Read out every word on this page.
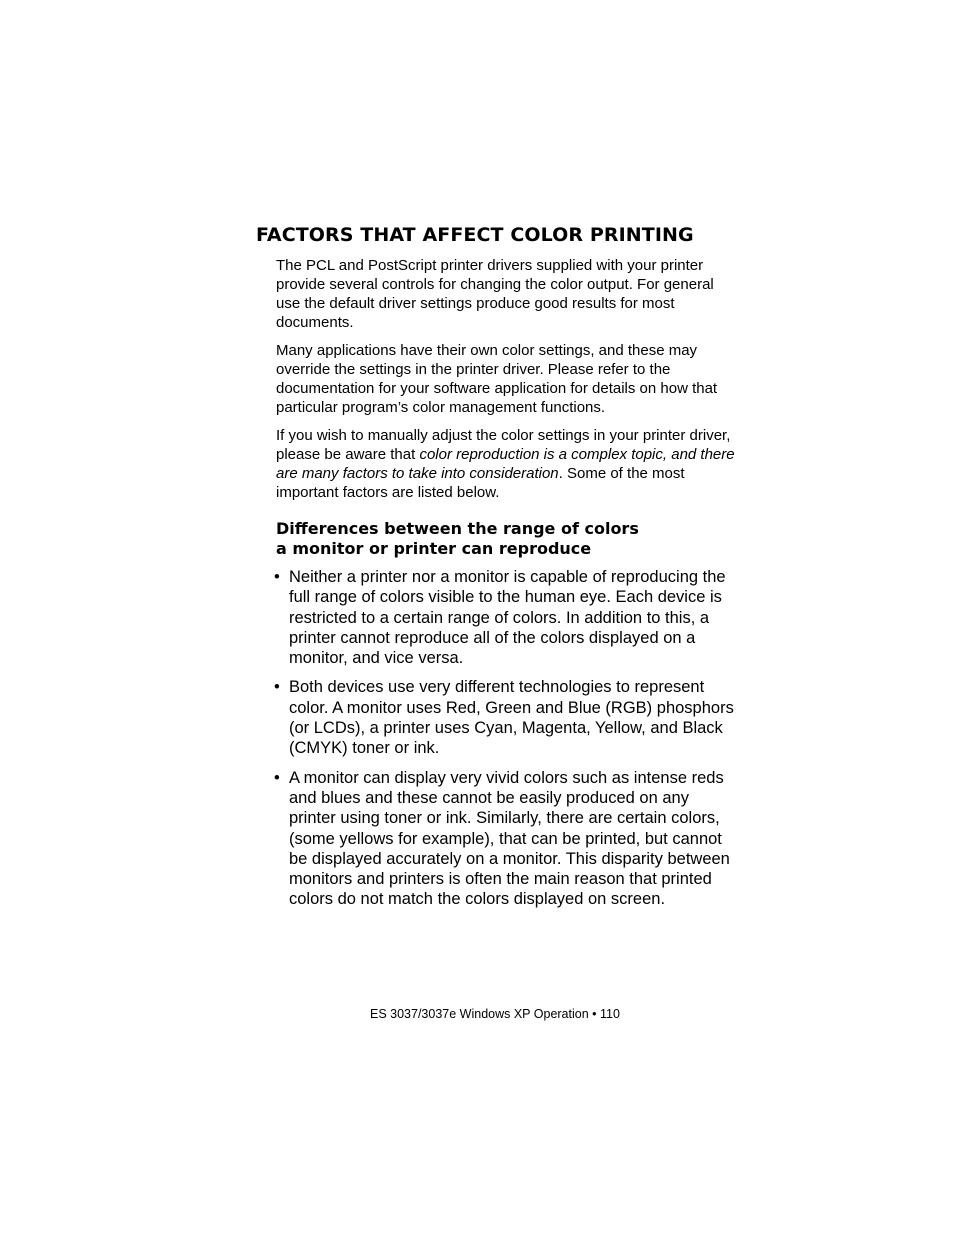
FACTORS THAT AFFECT COLOR PRINTING

The PCL and PostScript printer drivers supplied with your printer provide several controls for changing the color output. For general use the default driver settings produce good results for most documents.

Many applications have their own color settings, and these may override the settings in the printer driver. Please refer to the documentation for your software application for details on how that particular program’s color management functions.

If you wish to manually adjust the color settings in your printer driver, please be aware that color reproduction is a complex topic, and there are many factors to take into consideration. Some of the most important factors are listed below.

Differences between the range of colors
a monitor or printer can reproduce
• Neither a printer nor a monitor is capable of reproducing the full range of colors visible to the human eye. Each device is restricted to a certain range of colors. In addition to this, a printer cannot reproduce all of the colors displayed on a monitor, and vice versa.
• Both devices use very different technologies to represent color. A monitor uses Red, Green and Blue (RGB) phosphors (or LCDs), a printer uses Cyan, Magenta, Yellow, and Black (CMYK) toner or ink.
• A monitor can display very vivid colors such as intense reds and blues and these cannot be easily produced on any printer using toner or ink. Similarly, there are certain colors, (some yellows for example), that can be printed, but cannot be displayed accurately on a monitor. This disparity between monitors and printers is often the main reason that printed colors do not match the colors displayed on screen.

ES 3037/3037e Windows XP Operation • 110
